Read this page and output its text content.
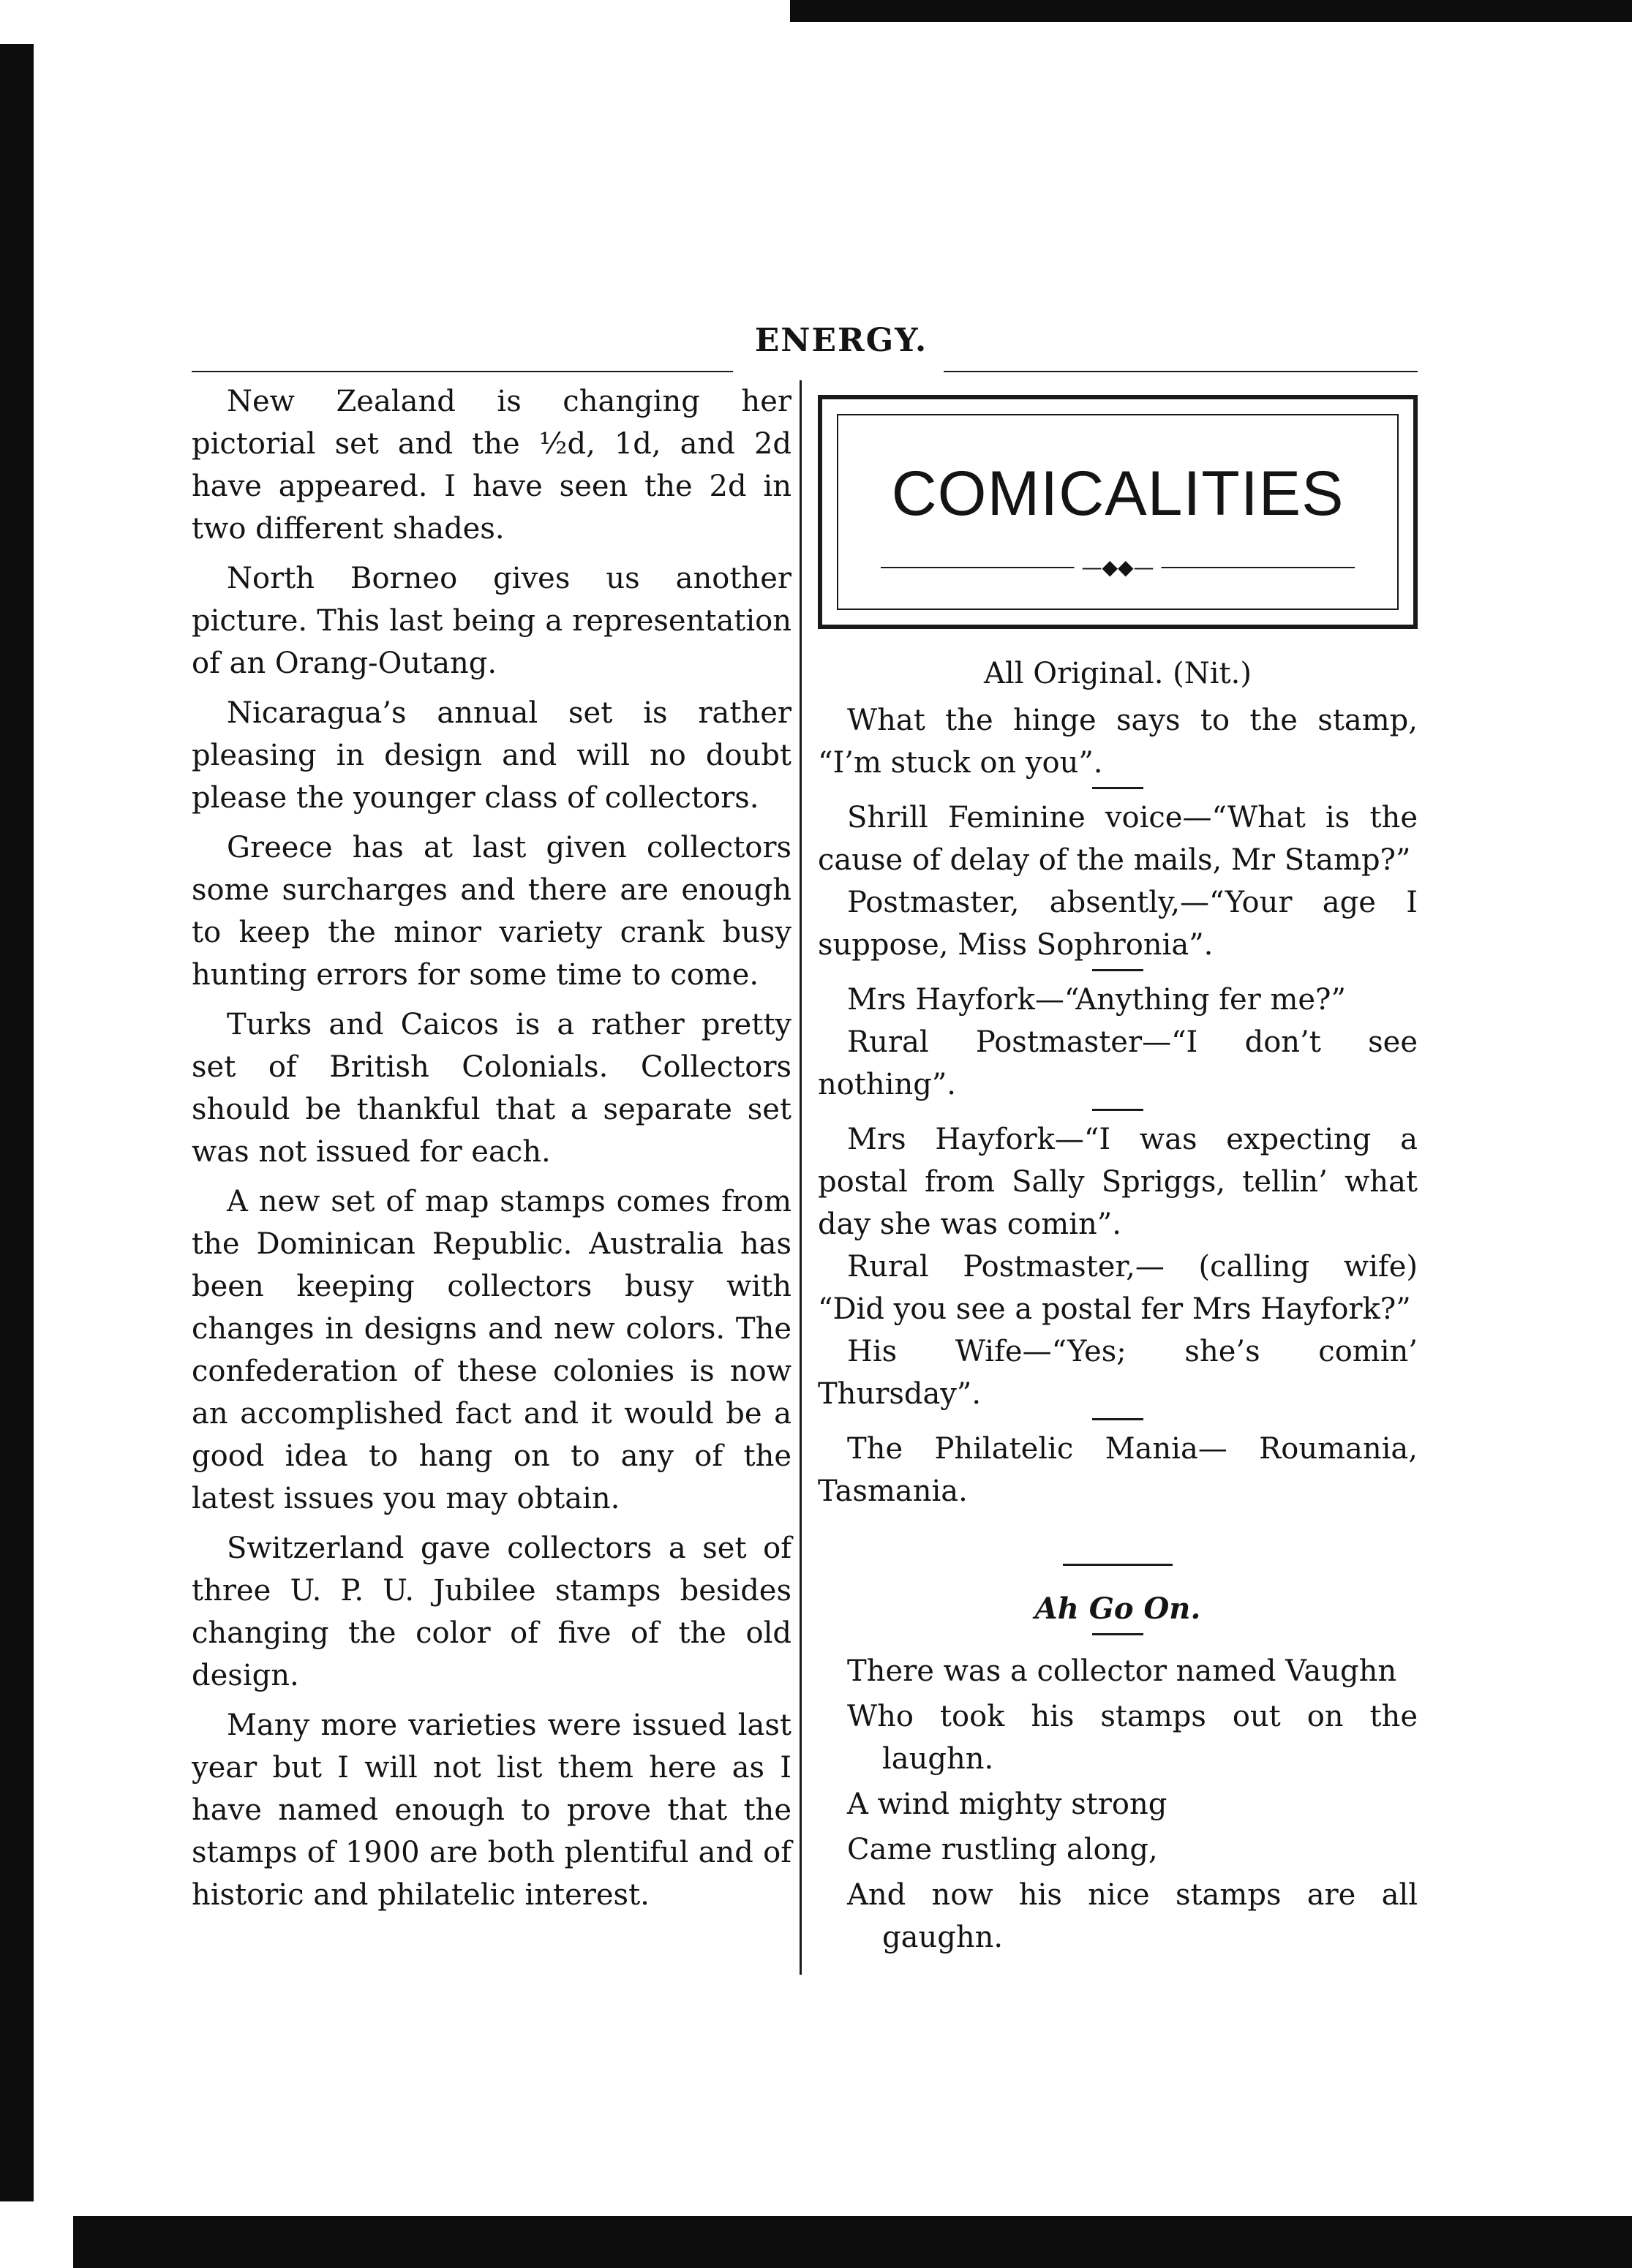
ENERGY.

New Zealand is changing her pictorial set and the ½d, 1d, and 2d have appeared. I have seen the 2d in two different shades.

North Borneo gives us another picture. This last being a representation of an Orang-Outang.

Nicaragua’s annual set is rather pleasing in design and will no doubt please the younger class of collectors.

Greece has at last given collectors some surcharges and there are enough to keep the minor variety crank busy hunting errors for some time to come.

Turks and Caicos is a rather pretty set of British Colonials. Collectors should be thankful that a separate set was not issued for each.

A new set of map stamps comes from the Dominican Republic. Australia has been keeping collectors busy with changes in designs and new colors. The confederation of these colonies is now an accomplished fact and it would be a good idea to hang on to any of the latest issues you may obtain.

Switzerland gave collectors a set of three U. P. U. Jubilee stamps besides changing the color of five of the old design.

Many more varieties were issued last year but I will not list them here as I have named enough to prove that the stamps of 1900 are both plentiful and of historic and philatelic interest.

COMICALITIES
—◆◆—

All Original. (Nit.)

What the hinge says to the stamp, “I’m stuck on you”.

Shrill Feminine voice—“What is the cause of delay of the mails, Mr Stamp?”

Postmaster, absently,—“Your age I suppose, Miss Sophronia”.

Mrs Hayfork—“Anything fer me?”

Rural Postmaster—“I don’t see nothing”.

Mrs Hayfork—“I was expecting a postal from Sally Spriggs, tellin’ what day she was comin”.

Rural Postmaster,— (calling wife) “Did you see a postal fer Mrs Hayfork?”

His Wife—“Yes; she’s comin’ Thursday”.

The Philatelic Mania— Roumania, Tasmania.

Ah Go On.

There was a collector named Vaughn

Who took his stamps out on the laughn.

A wind mighty strong

Came rustling along,

And now his nice stamps are all gaughn.
